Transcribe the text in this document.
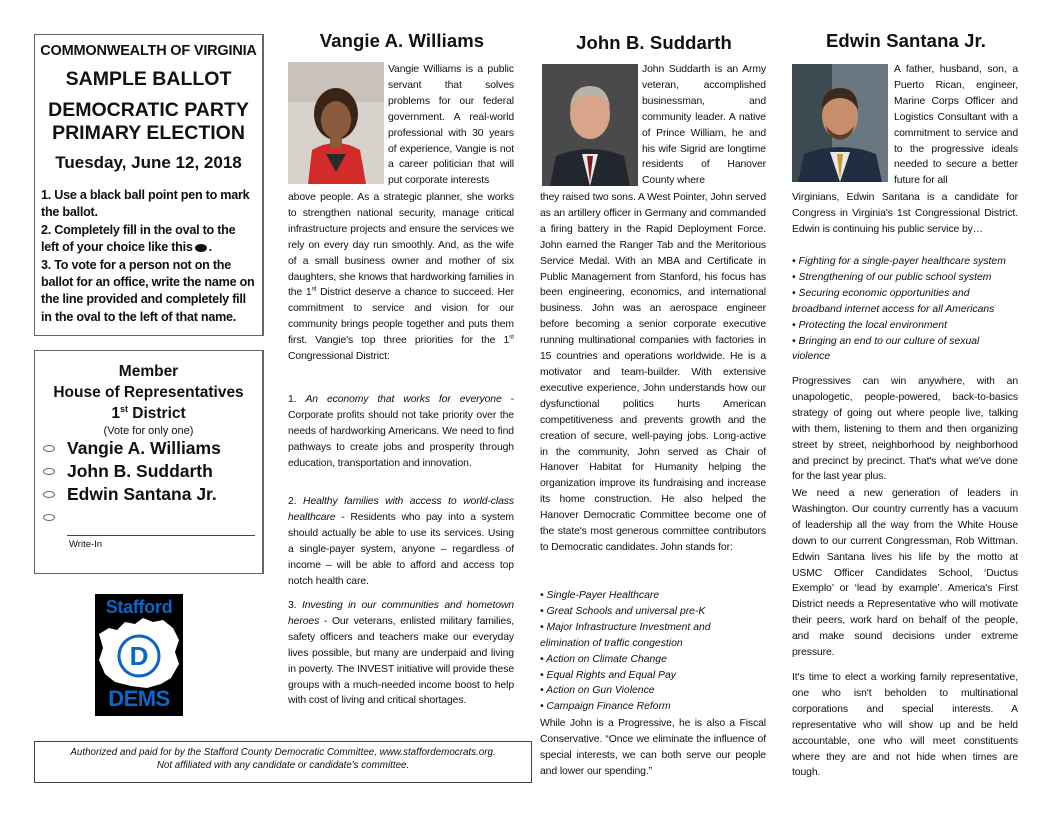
COMMONWEALTH OF VIRGINIA
SAMPLE BALLOT
DEMOCRATIC PARTY
PRIMARY ELECTION
Tuesday, June 12, 2018

1. Use a black ball point pen to mark the ballot.

2. Completely fill in the oval to the left of your choice like this .

3. To vote for a person not on the ballot for an office, write the name on the line provided and completely fill in the oval to the left of that name.

Member
House of Representatives
1st District
(Vote for only one)
Vangie A. Williams
John B. Suddarth
Edwin Santana Jr.
Write-In
D
Stafford
DEMS
Authorized and paid for by the Stafford County Democratic Committee, www.staffordemocrats.org.
Not affiliated with any candidate or candidate's committee.
Vangie A. Williams
Vangie Williams is a public servant that solves problems for our federal government. A real-world professional with 30 years of experience, Vangie is not a career politician that will put corporate interests
above people. As a strategic planner, she works to strengthen national security, manage critical infrastructure projects and ensure the services we rely on every day run smoothly. And, as the wife of a small business owner and mother of six daughters, she knows that hardworking families in the 1st District deserve a chance to succeed. Her commitment to service and vision for our community brings people together and puts them first. Vangie's top three priorities for the 1st Congressional District:
1. An economy that works for everyone - Corporate profits should not take priority over the needs of hardworking Americans. We need to find pathways to create jobs and prosperity through education, transportation and innovation.
2. Healthy families with access to world-class healthcare - Residents who pay into a system should actually be able to use its services. Using a single-payer system, anyone – regardless of income – will be able to afford and access top notch health care.
3. Investing in our communities and hometown heroes - Our veterans, enlisted military families, safety officers and teachers make our everyday lives possible, but many are underpaid and living in poverty. The INVEST initiative will provide these groups with a much-needed income boost to help with cost of living and critical shortages.
John B. Suddarth
John Suddarth is an Army veteran, accomplished businessman, and community leader. A native of Prince William, he and his wife Sigrid are longtime residents of Hanover County where
they raised two sons. A West Pointer, John served as an artillery officer in Germany and commanded a firing battery in the Rapid Deployment Force. John earned the Ranger Tab and the Meritorious Service Medal. With an MBA and Certificate in Public Management from Stanford, his focus has been engineering, economics, and international business. John was an aerospace engineer before becoming a senior corporate executive running multinational companies with factories in 15 countries and operations worldwide. He is a motivator and team-builder. With extensive executive experience, John understands how our dysfunctional politics hurts American competitiveness and prevents growth and the creation of secure, well-paying jobs. Long-active in the community, John served as Chair of Hanover Habitat for Humanity helping the organization improve its fundraising and increase its home construction. He also helped the Hanover Democratic Committee become one of the state's most generous committee contributors to Democratic candidates. John stands for:
• Single-Payer Healthcare
• Great Schools and universal pre-K
• Major Infrastructure Investment and
elimination of traffic congestion
• Action on Climate Change
• Equal Rights and Equal Pay
• Action on Gun Violence
• Campaign Finance Reform
While John is a Progressive, he is also a Fiscal Conservative. “Once we eliminate the influence of special interests, we can both serve our people and lower our spending.”
Edwin Santana Jr.
A father, husband, son, a Puerto Rican, engineer, Marine Corps Officer and Logistics Consultant with a commitment to service and to the progressive ideals needed to secure a better future for all
Virginians, Edwin Santana is a candidate for Congress in Virginia's 1st Congressional District. Edwin is continuing his public service by…
• Fighting for a single-payer healthcare system
• Strengthening of our public school system
• Securing economic opportunities and
broadband internet access for all Americans
• Protecting the local environment
• Bringing an end to our culture of sexual
violence
Progressives can win anywhere, with an unapologetic, people-powered, back-to-basics strategy of going out where people live, talking with them, listening to them and then organizing street by street, neighborhood by neighborhood and precinct by precinct. That's what we've done for the last year plus.
We need a new generation of leaders in Washington. Our country currently has a vacuum of leadership all the way from the White House down to our current Congressman, Rob Wittman. Edwin Santana lives his life by the motto at USMC Officer Candidates School, ‘Ductus Exemplo’ or ‘lead by example’. America's First District needs a Representative who will motivate their peers, work hard on behalf of the people, and make sound decisions under extreme pressure.
It's time to elect a working family representative, one who isn't beholden to multinational corporations and special interests. A representative who will show up and be held accountable, one who will meet constituents where they are and not hide when times are tough.
